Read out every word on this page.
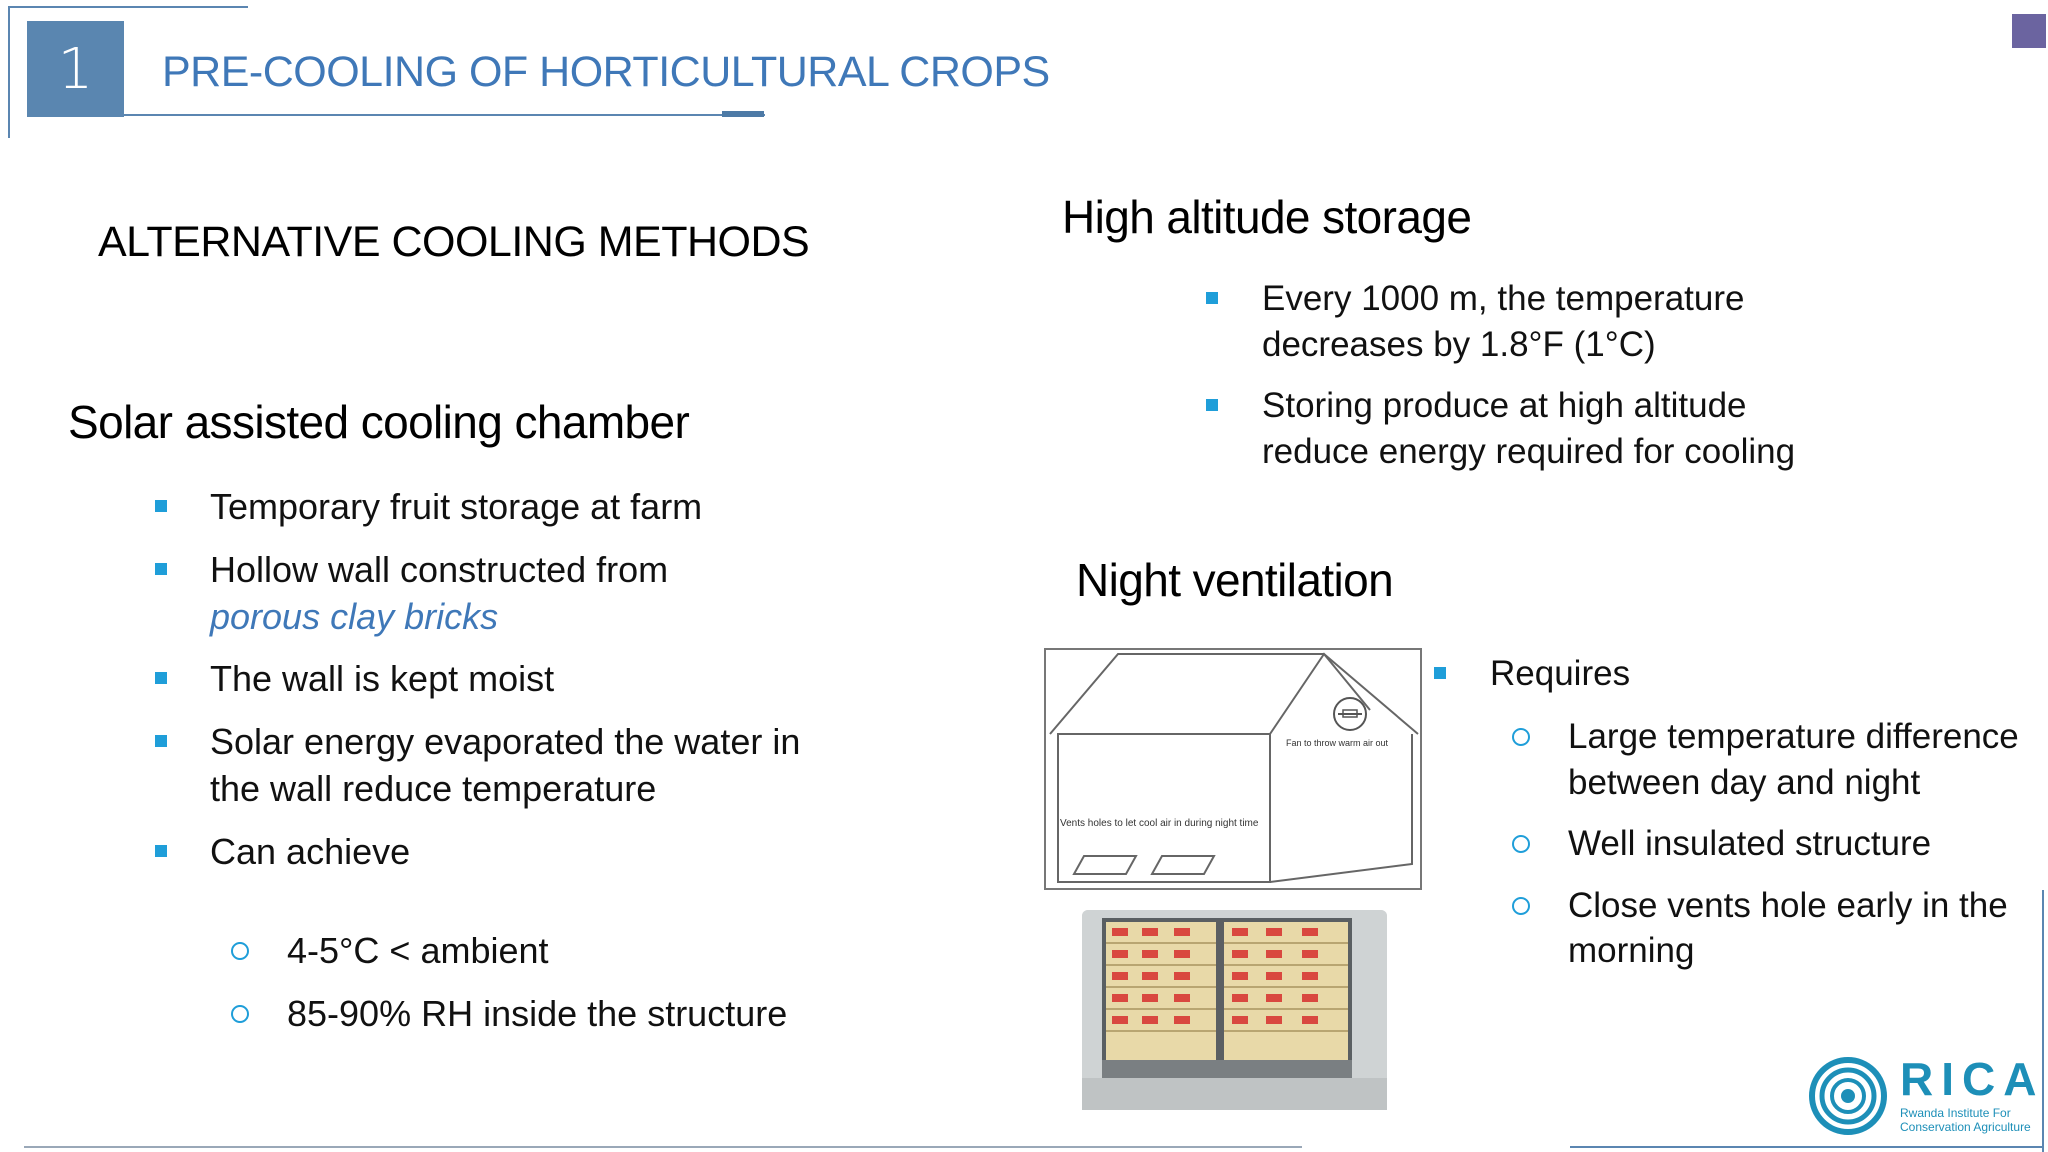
1 PRE-COOLING OF HORTICULTURAL CROPS
ALTERNATIVE COOLING METHODS
Solar assisted cooling chamber
Temporary fruit storage at farm
Hollow wall constructed from
porous clay bricks
The wall is kept moist
Solar energy evaporated the water in the wall reduce temperature
Can achieve
4-5°C < ambient
85-90% RH inside the structure
High altitude storage
Every 1000 m, the temperature decreases by 1.8°F (1°C)
Storing produce at high altitude reduce energy required for cooling
Night ventilation
Fan to throw warm air out
Vents holes to let cool air in during night time
Requires
Large temperature difference between day and night
Well insulated structure
Close vents hole early in the morning
RICA
Rwanda Institute For
Conservation Agriculture
